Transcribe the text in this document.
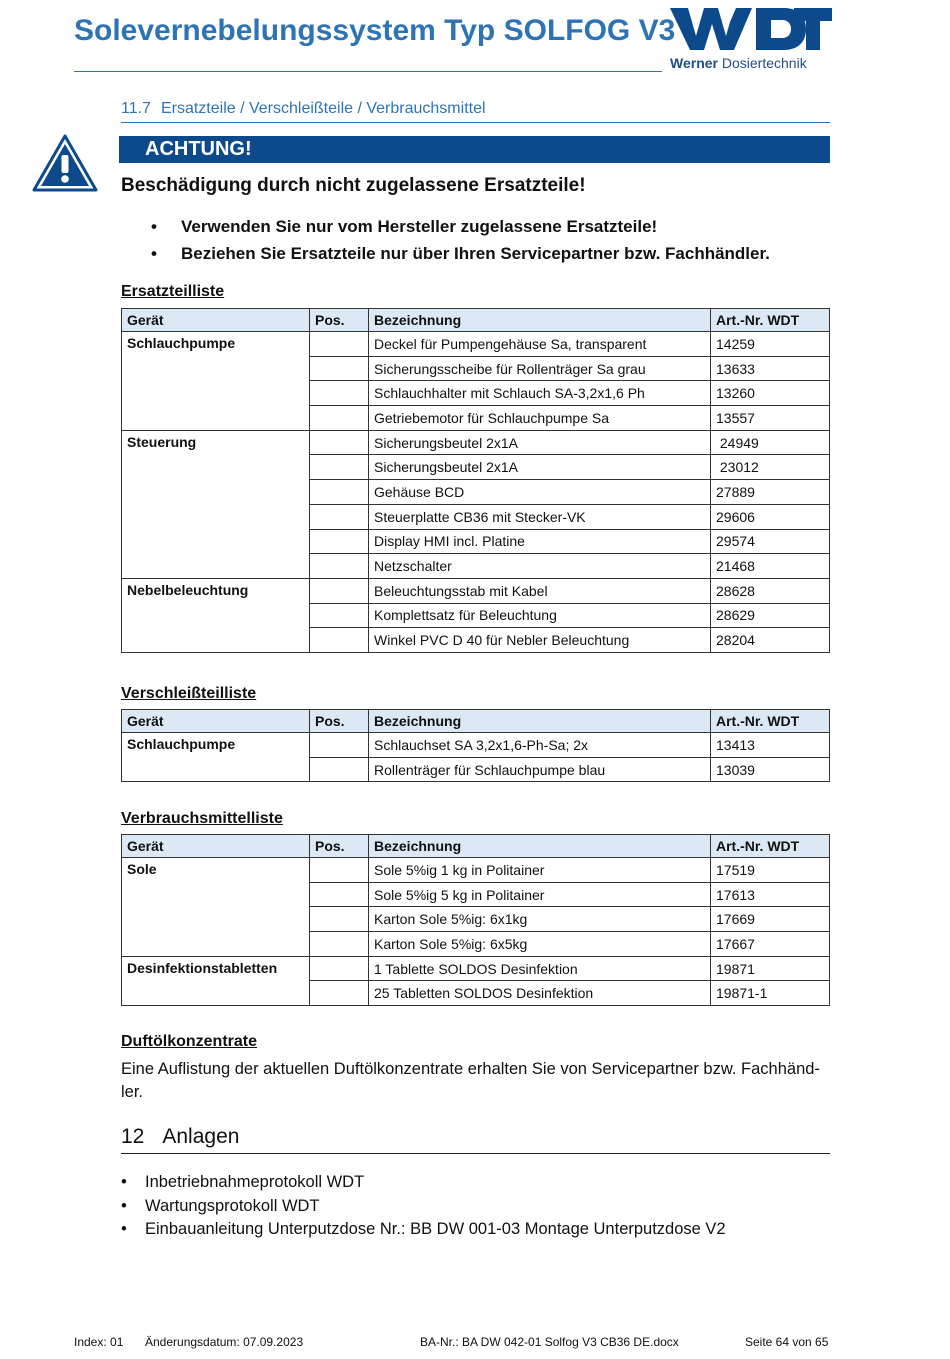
Solevernebelungssystem Typ SOLFOG V3
Werner Dosiertechnik
11.7 Ersatzteile / Verschleißteile / Verbrauchsmittel
ACHTUNG!
Beschädigung durch nicht zugelassene Ersatzteile!
• Verwenden Sie nur vom Hersteller zugelassene Ersatzteile!
• Beziehen Sie Ersatzteile nur über Ihren Servicepartner bzw. Fachhändler.
Ersatzteilliste
Gerät	Pos.	Bezeichnung	Art.-Nr. WDT
Schlauchpumpe		Deckel für Pumpengehäuse Sa, transparent	14259
		Sicherungsscheibe für Rollenträger Sa grau	13633
		Schlauchhalter mit Schlauch SA-3,2x1,6 Ph	13260
		Getriebemotor für Schlauchpumpe Sa	13557
Steuerung		Sicherungsbeutel 2x1A	24949
		Sicherungsbeutel 2x1A	23012
		Gehäuse BCD	27889
		Steuerplatte CB36 mit Stecker-VK	29606
		Display HMI incl. Platine	29574
		Netzschalter	21468
Nebelbeleuchtung		Beleuchtungsstab mit Kabel	28628
		Komplettsatz für Beleuchtung	28629
		Winkel PVC D 40 für Nebler Beleuchtung	28204
Verschleißteilliste
Gerät	Pos.	Bezeichnung	Art.-Nr. WDT
Schlauchpumpe		Schlauchset SA 3,2x1,6-Ph-Sa; 2x	13413
		Rollenträger für Schlauchpumpe blau	13039
Verbrauchsmittelliste
Gerät	Pos.	Bezeichnung	Art.-Nr. WDT
Sole		Sole 5%ig 1 kg in Politainer	17519
		Sole 5%ig 5 kg in Politainer	17613
		Karton Sole 5%ig: 6x1kg	17669
		Karton Sole 5%ig: 6x5kg	17667
Desinfektionstabletten		1 Tablette SOLDOS Desinfektion	19871
		25 Tabletten SOLDOS Desinfektion	19871-1
Duftölkonzentrate
Eine Auflistung der aktuellen Duftölkonzentrate erhalten Sie von Servicepartner bzw. Fachhänd-ler.
12 Anlagen
• Inbetriebnahmeprotokoll WDT
• Wartungsprotokoll WDT
• Einbauanleitung Unterputzdose Nr.: BB DW 001-03 Montage Unterputzdose V2
Index: 01 Änderungsdatum: 07.09.2023	BA-Nr.: BA DW 042-01 Solfog V3 CB36 DE.docx	Seite 64 von 65
